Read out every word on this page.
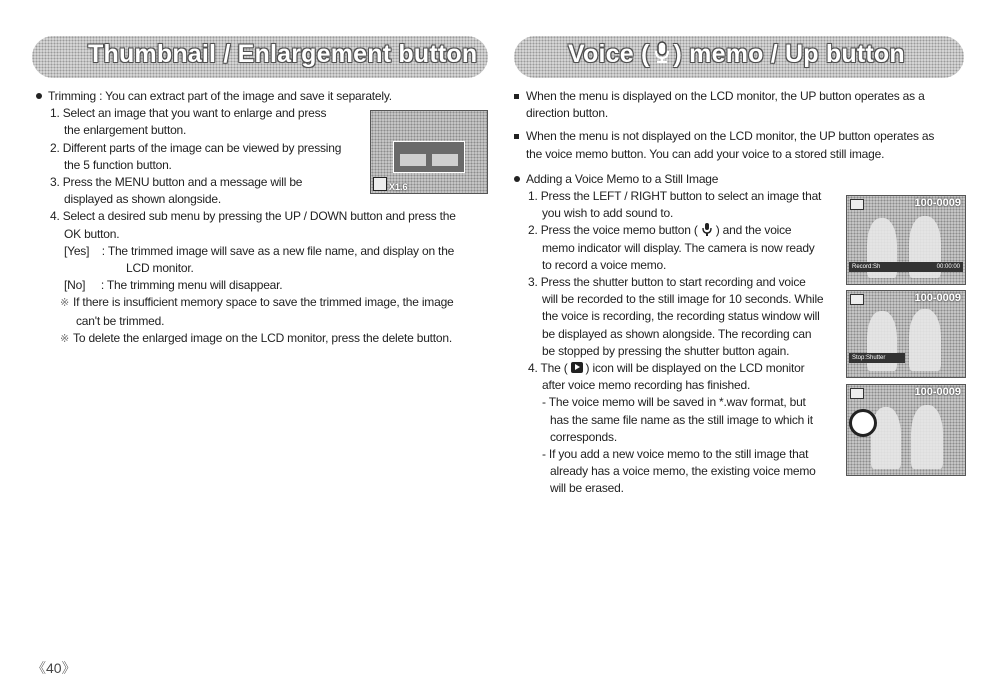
Thumbnail / Enlargement button	Voice ( ) memo / Up button
Trimming : You can extract part of the image and save it separately.
1. Select an image that you want to enlarge and press
the enlargement button.
2. Different parts of the image can be viewed by pressing
the 5 function button.
3. Press the MENU button and a message will be
displayed as shown alongside.
4. Select a desired sub menu by pressing the UP / DOWN button and press the
OK button.
[Yes]    : The trimmed image will save as a new file name, and display on the
LCD monitor.
[No]     : The trimming menu will disappear.
※ If there is insufficient memory space to save the trimmed image, the image
can't be trimmed.
※ To delete the enlarged image on the LCD monitor, press the delete button.
X1.6
When the menu is displayed on the LCD monitor, the UP button operates as a
direction button.
When the menu is not displayed on the LCD monitor, the UP button operates as
the voice memo button. You can add your voice to a stored still image.
Adding a Voice Memo to a Still Image
1. Press the LEFT / RIGHT button to select an image that
you wish to add sound to.
2. Press the voice memo button ( ) and the voice
memo indicator will display. The camera is now ready
to record a voice memo.
3. Press the shutter button to start recording and voice
will be recorded to the still image for 10 seconds. While
the voice is recording, the recording status window will
be displayed as shown alongside. The recording can
be stopped by pressing the shutter button again.
4. The ( ) icon will be displayed on the LCD monitor
after voice memo recording has finished.
- The voice memo will be saved in *.wav format, but
has the same file name as the still image to which it
corresponds.
- If you add a new voice memo to the still image that
already has a voice memo, the existing voice memo
will be erased.
100-0009
Record:Sh	00:00:00
100-0009
Stop:Shutter
100-0009
《40》
